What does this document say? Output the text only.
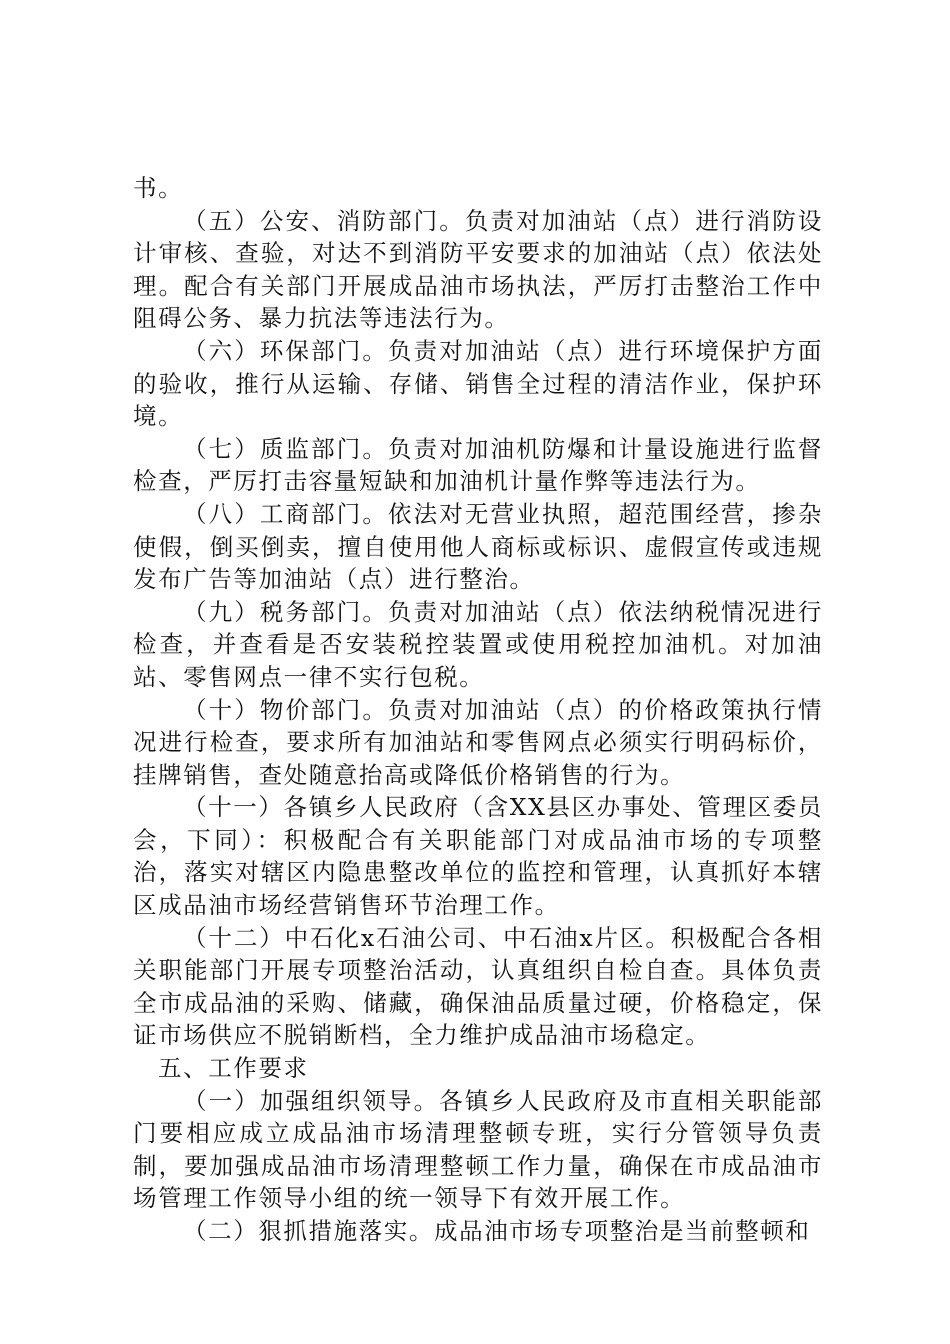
书。

（五）公安、消防部门。负责对加油站（点）进行消防设计审核、查验，对达不到消防平安要求的加油站（点）依法处理。配合有关部门开展成品油市场执法，严厉打击整治工作中阻碍公务、暴力抗法等违法行为。

（六）环保部门。负责对加油站（点）进行环境保护方面的验收，推行从运输、存储、销售全过程的清洁作业，保护环境。

（七）质监部门。负责对加油机防爆和计量设施进行监督检查，严厉打击容量短缺和加油机计量作弊等违法行为。

（八）工商部门。依法对无营业执照，超范围经营，掺杂使假，倒买倒卖，擅自使用他人商标或标识、虚假宣传或违规发布广告等加油站（点）进行整治。

（九）税务部门。负责对加油站（点）依法纳税情况进行检查，并查看是否安装税控装置或使用税控加油机。对加油站、零售网点一律不实行包税。

（十）物价部门。负责对加油站（点）的价格政策执行情况进行检查，要求所有加油站和零售网点必须实行明码标价，挂牌销售，查处随意抬高或降低价格销售的行为。

（十一）各镇乡人民政府（含XX县区办事处、管理区委员会，下同）：积极配合有关职能部门对成品油市场的专项整治，落实对辖区内隐患整改单位的监控和管理，认真抓好本辖区成品油市场经营销售环节治理工作。

（十二）中石化x石油公司、中石油x片区。积极配合各相关职能部门开展专项整治活动，认真组织自检自查。具体负责全市成品油的采购、储藏，确保油品质量过硬，价格稳定，保证市场供应不脱销断档，全力维护成品油市场稳定。

五、工作要求

（一）加强组织领导。各镇乡人民政府及市直相关职能部门要相应成立成品油市场清理整顿专班，实行分管领导负责制，要加强成品油市场清理整顿工作力量，确保在市成品油市场管理工作领导小组的统一领导下有效开展工作。

（二）狠抓措施落实。成品油市场专项整治是当前整顿和
